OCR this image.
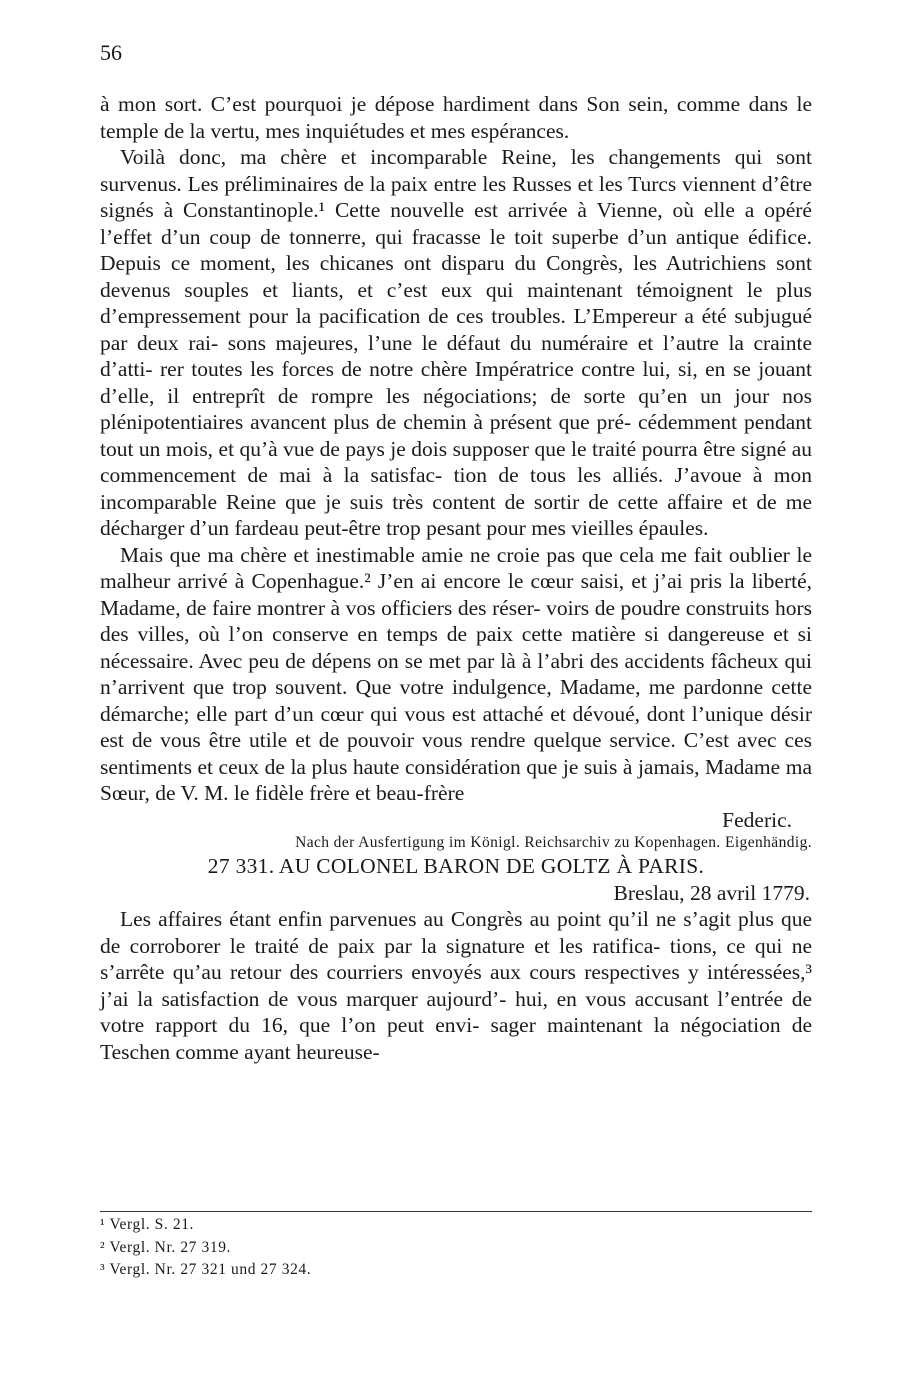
56

à mon sort. C’est pourquoi je dépose hardiment dans Son sein, comme dans le temple de la vertu, mes inquiétudes et mes espérances.

Voilà donc, ma chère et incomparable Reine, les changements qui sont survenus. Les préliminaires de la paix entre les Russes et les Turcs viennent d’être signés à Constantinople.¹ Cette nouvelle est arrivée à Vienne, où elle a opéré l’effet d’un coup de tonnerre, qui fracasse le toit superbe d’un antique édifice. Depuis ce moment, les chicanes ont disparu du Congrès, les Autrichiens sont devenus souples et liants, et c’est eux qui maintenant témoignent le plus d’empressement pour la pacification de ces troubles. L’Empereur a été subjugué par deux rai- sons majeures, l’une le défaut du numéraire et l’autre la crainte d’atti- rer toutes les forces de notre chère Impératrice contre lui, si, en se jouant d’elle, il entreprît de rompre les négociations; de sorte qu’en un jour nos plénipotentiaires avancent plus de chemin à présent que pré- cédemment pendant tout un mois, et qu’à vue de pays je dois supposer que le traité pourra être signé au commencement de mai à la satisfac- tion de tous les alliés. J’avoue à mon incomparable Reine que je suis très content de sortir de cette affaire et de me décharger d’un fardeau peut-être trop pesant pour mes vieilles épaules.

Mais que ma chère et inestimable amie ne croie pas que cela me fait oublier le malheur arrivé à Copenhague.² J’en ai encore le cœur saisi, et j’ai pris la liberté, Madame, de faire montrer à vos officiers des réser- voirs de poudre construits hors des villes, où l’on conserve en temps de paix cette matière si dangereuse et si nécessaire. Avec peu de dépens on se met par là à l’abri des accidents fâcheux qui n’arrivent que trop souvent. Que votre indulgence, Madame, me pardonne cette démarche; elle part d’un cœur qui vous est attaché et dévoué, dont l’unique désir est de vous être utile et de pouvoir vous rendre quelque service. C’est avec ces sentiments et ceux de la plus haute considération que je suis à jamais, Madame ma Sœur, de V. M. le fidèle frère et beau-frère

Federic.

Nach der Ausfertigung im Königl. Reichsarchiv zu Kopenhagen. Eigenhändig.

27 331. AU COLONEL BARON DE GOLTZ À PARIS.

Breslau, 28 avril 1779.

Les affaires étant enfin parvenues au Congrès au point qu’il ne s’agit plus que de corroborer le traité de paix par la signature et les ratifica- tions, ce qui ne s’arrête qu’au retour des courriers envoyés aux cours respectives y intéressées,³ j’ai la satisfaction de vous marquer aujourd’- hui, en vous accusant l’entrée de votre rapport du 16, que l’on peut envi- sager maintenant la négociation de Teschen comme ayant heureuse-

¹ Vergl. S. 21.
² Vergl. Nr. 27 319.
³ Vergl. Nr. 27 321 und 27 324.
